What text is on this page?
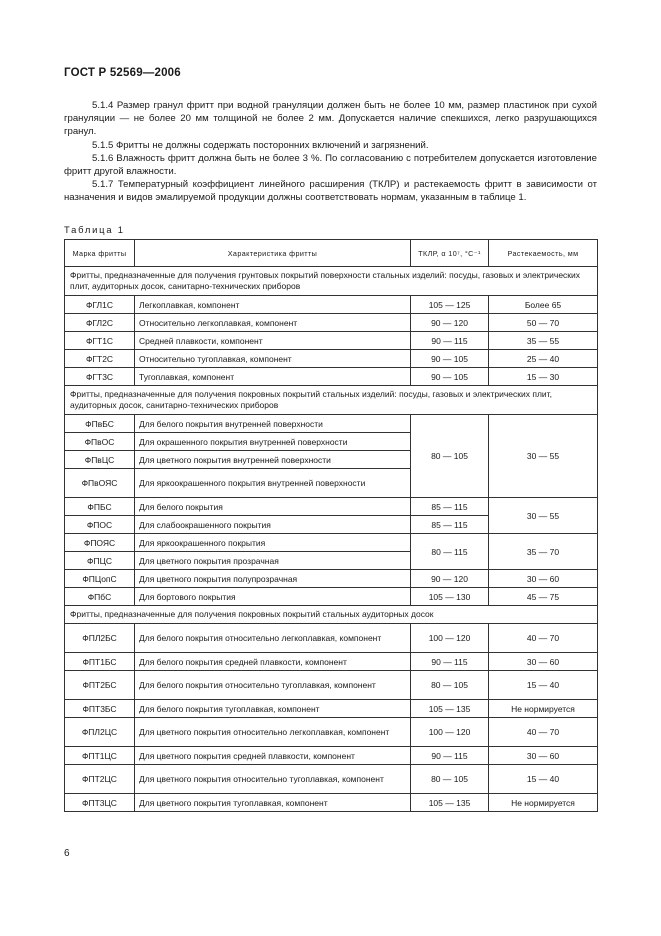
ГОСТ Р 52569—2006

5.1.4 Размер гранул фритт при водной грануляции должен быть не более 10 мм, размер пластинок при сухой грануляции — не более 20 мм толщиной не более 2 мм. Допускается наличие спекшихся, легко разрушающихся гранул.

5.1.5 Фритты не должны содержать посторонних включений и загрязнений.

5.1.6 Влажность фритт должна быть не более 3 %. По согласованию с потребителем допускается изготовление фритт другой влажности.

5.1.7 Температурный коэффициент линейного расширения (ТКЛР) и растекаемость фритт в зависимости от назначения и видов эмалируемой продукции должны соответствовать нормам, указанным в таблице 1.

Таблица 1
Марка фритты	Характеристика фритты	ТКЛР, α 10⁷, °С⁻¹	Растекаемость, мм
Фритты, предназначенные для получения грунтовых покрытий поверхности стальных изделий: посуды, газовых и электрических плит, аудиторных досок, санитарно-технических приборов			
ФГЛ1С	Легкоплавкая, компонент	105 — 125	Более 65
ФГЛ2С	Относительно легкоплавкая, компонент	90 — 120	50 — 70
ФГТ1С	Средней плавкости, компонент	90 — 115	35 — 55
ФГТ2С	Относительно тугоплавкая, компонент	90 — 105	25 — 40
ФГТ3С	Тугоплавкая, компонент	90 — 105	15 — 30
Фритты, предназначенные для получения покровных покрытий стальных изделий: посуды, газовых и электрических плит, аудиторных досок, санитарно-технических приборов			
ФПвБС	Для белого покрытия внутренней поверхности	80 — 105	30 — 55
ФПвОС	Для окрашенного покрытия внутренней поверхности		
ФПвЦС	Для цветного покрытия внутренней поверхности		
ФПвОЯС	Для яркоокрашенного покрытия внутренней поверхности		
ФПБС	Для белого покрытия	85 — 115	30 — 55
ФПОС	Для слабоокрашенного покрытия	85 — 115	
ФПОЯС	Для яркоокрашенного покрытия	80 — 115	35 — 70
ФПЦС	Для цветного покрытия прозрачная		
ФПЦопС	Для цветного покрытия полупрозрачная	90 — 120	30 — 60
ФПбС	Для бортового покрытия	105 — 130	45 — 75
Фритты, предназначенные для получения покровных покрытий стальных аудиторных досок			
ФПЛ2БС	Для белого покрытия относительно легкоплавкая, компонент	100 — 120	40 — 70
ФПТ1БС	Для белого покрытия средней плавкости, компонент	90 — 115	30 — 60
ФПТ2БС	Для белого покрытия относительно тугоплавкая, компонент	80 — 105	15 — 40
ФПТ3БС	Для белого покрытия тугоплавкая, компонент	105 — 135	Не нормируется
ФПЛ2ЦС	Для цветного покрытия относительно легкоплавкая, компонент	100 — 120	40 — 70
ФПТ1ЦС	Для цветного покрытия средней плавкости, компонент	90 — 115	30 — 60
ФПТ2ЦС	Для цветного покрытия относительно тугоплавкая, компонент	80 — 105	15 — 40
ФПТ3ЦС	Для цветного покрытия тугоплавкая, компонент	105 — 135	Не нормируется
6
